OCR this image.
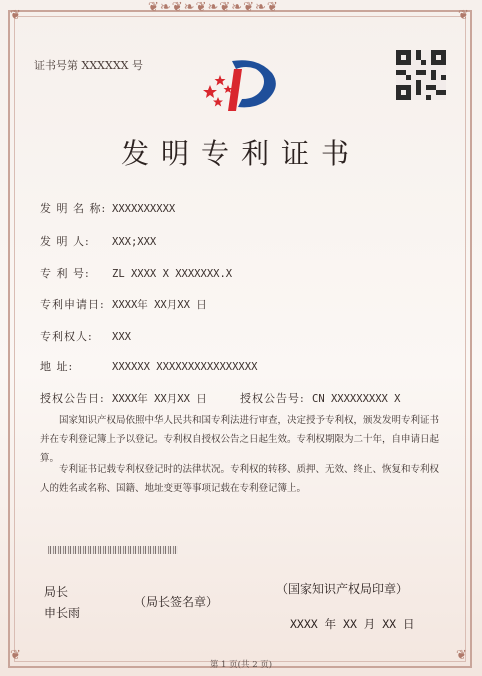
❦❧❦❧❦❧❦❧❦❧❦
❦	❦
❦	❦
证书号第 XXXXXX 号
发明专利证书
发 明 名 称: XXXXXXXXXX
发 明 人: XXX;XXX
专 利 号: ZL XXXX X XXXXXXX.X
专利申请日: XXXX年 XX月XX 日
专利权人: XXX
地 址:	XXXXXX XXXXXXXXXXXXXXXX
授权公告日: XXXX年 XX月XX 日	授权公告号: CN XXXXXXXXX X
国家知识产权局依照中华人民共和国专利法进行审查，决定授予专利权，颁发发明专利证书并在专利登记簿上予以登记。专利权自授权公告之日起生效。专利权期限为二十年，自申请日起算。
专利证书记载专利权登记时的法律状况。专利权的转移、质押、无效、终止、恢复和专利权人的姓名或名称、国籍、地址变更等事项记载在专利登记簿上。
局长
申长雨
（局长签名章）
（国家知识产权局印章）
XXXX 年 XX 月 XX 日
第 1 页(共 2 页)
